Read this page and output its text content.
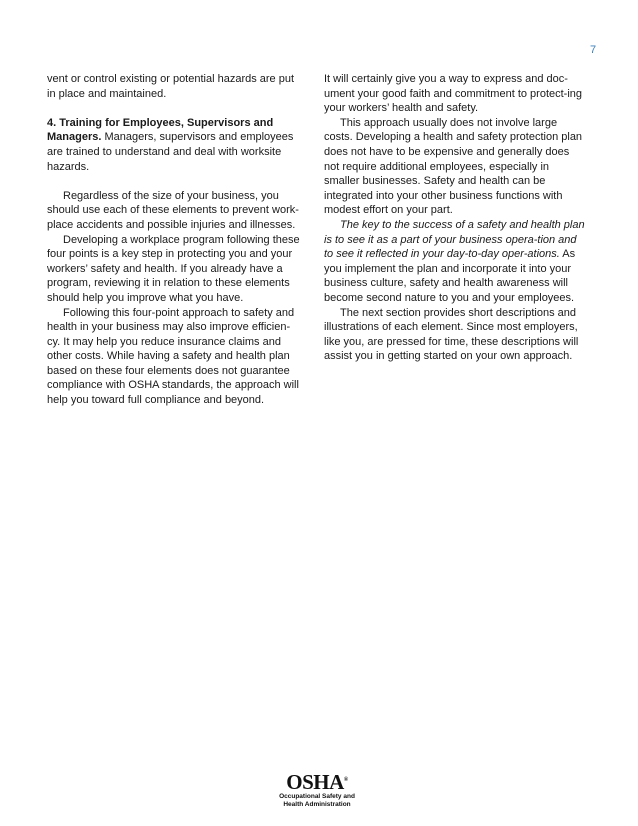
7

vent or control existing or potential hazards are put in place and maintained.

4. Training for Employees, Supervisors and Managers. Managers, supervisors and employees are trained to understand and deal with worksite hazards.

Regardless of the size of your business, you should use each of these elements to prevent work-place accidents and possible injuries and illnesses.

Developing a workplace program following these four points is a key step in protecting you and your workers’ safety and health. If you already have a program, reviewing it in relation to these elements should help you improve what you have.

Following this four-point approach to safety and health in your business may also improve efficien-cy. It may help you reduce insurance claims and other costs. While having a safety and health plan based on these four elements does not guarantee compliance with OSHA standards, the approach will help you toward full compliance and beyond.

It will certainly give you a way to express and doc-ument your good faith and commitment to protect-ing your workers’ health and safety.

This approach usually does not involve large costs. Developing a health and safety protection plan does not have to be expensive and generally does not require additional employees, especially in smaller businesses. Safety and health can be integrated into your other business functions with modest effort on your part.

The key to the success of a safety and health plan is to see it as a part of your business opera-tion and to see it reflected in your day-to-day oper-ations. As you implement the plan and incorporate it into your business culture, safety and health awareness will become second nature to you and your employees.

The next section provides short descriptions and illustrations of each element. Since most employers, like you, are pressed for time, these descriptions will assist you in getting started on your own approach.

OSHA®
Occupational Safety and
Health Administration
